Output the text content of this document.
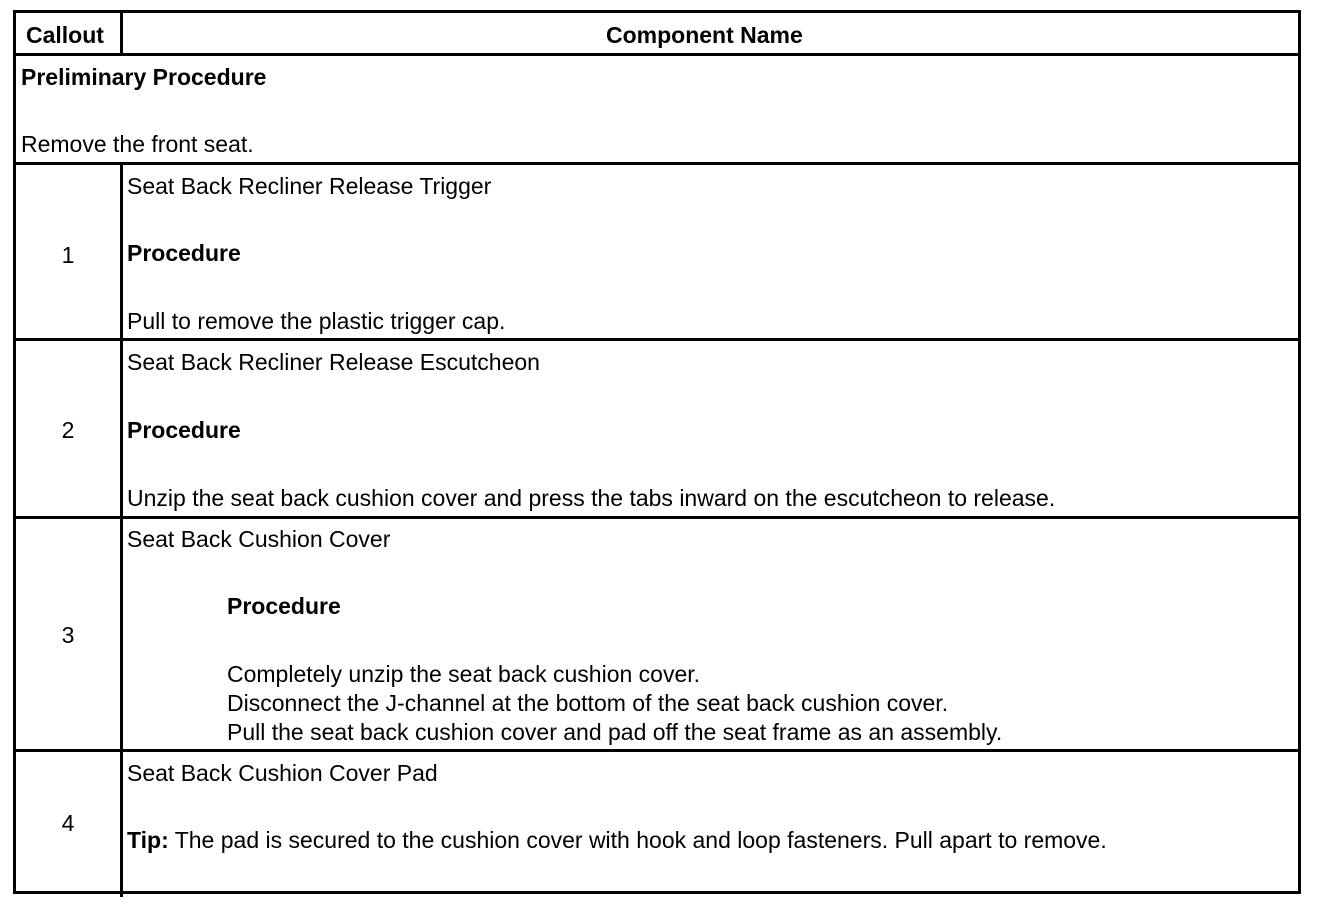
Callout	Component Name
Preliminary Procedure
Remove the front seat.
1
Seat Back Recliner Release Trigger
Procedure
Pull to remove the plastic trigger cap.
2
Seat Back Recliner Release Escutcheon
Procedure
Unzip the seat back cushion cover and press the tabs inward on the escutcheon to release.
3
Seat Back Cushion Cover
Procedure
Completely unzip the seat back cushion cover.
Disconnect the J-channel at the bottom of the seat back cushion cover.
Pull the seat back cushion cover and pad off the seat frame as an assembly.
4
Seat Back Cushion Cover Pad
Tip: The pad is secured to the cushion cover with hook and loop fasteners. Pull apart to remove.
